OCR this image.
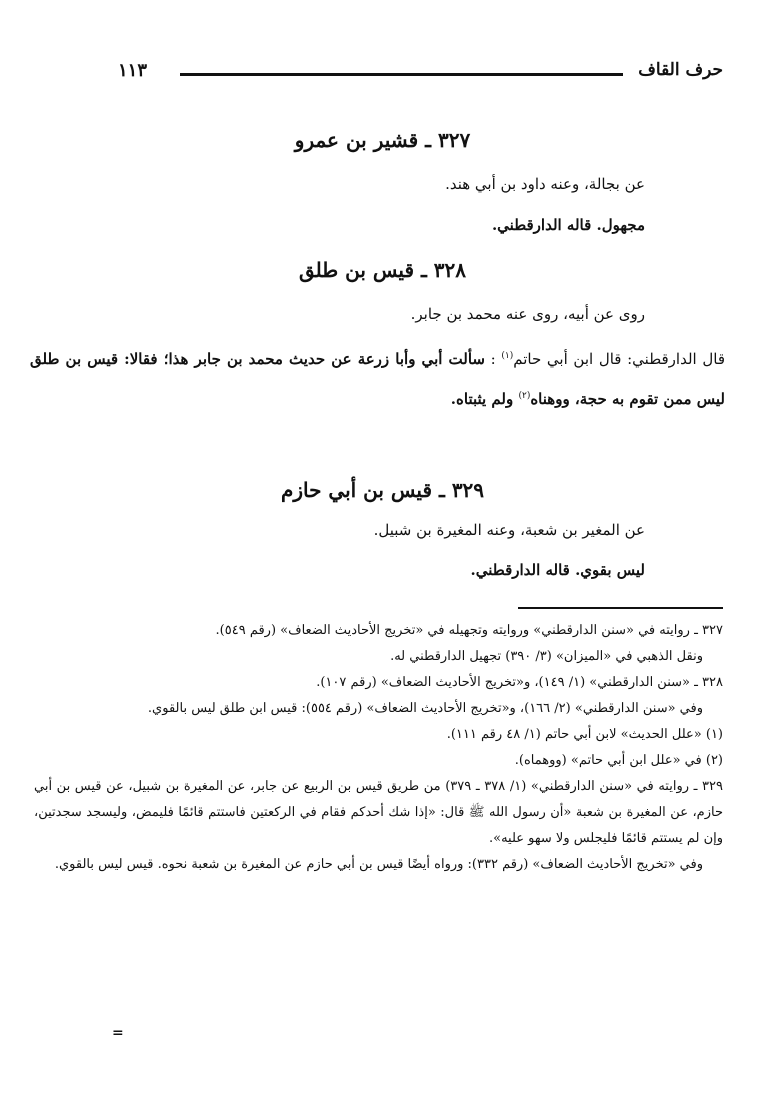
حرف القاف
١١٣
٣٢٧ ـ قشير بن عمرو
عن بجالة، وعنه داود بن أبي هند.
مجهول. قاله الدارقطني.
٣٢٨ ـ قيس بن طلق
روى عن أبيه، روى عنه محمد بن جابر.
قال الدارقطني: قال ابن أبي حاتم$^{(١)}$ : سألت أبي وأبا زرعة عن حديث محمد بن جابر هذا؛ فقالا: قيس بن طلق ليس ممن تقوم به حجة، ووهناه$^{(٢)}$ ولم يثبتاه.
٣٢٩ ـ قيس بن أبي حازم
عن المغير بن شعبة، وعنه المغيرة بن شبيل.
ليس بقوي. قاله الدارقطني.

٣٢٧ ـ روايته في «سنن الدارقطني» وروايته وتجهيله في «تخريج الأحاديث الضعاف» (رقم ٥٤٩).

ونقل الذهبي في «الميزان» (٣/ ٣٩٠) تجهيل الدارقطني له.

٣٢٨ ـ «سنن الدارقطني» (١/ ١٤٩)، و«تخريج الأحاديث الضعاف» (رقم ١٠٧).

وفي «سنن الدارقطني» (٢/ ١٦٦)، و«تخريج الأحاديث الضعاف» (رقم ٥٥٤): قيس ابن طلق ليس بالقوي.

(١) «علل الحديث» لابن أبي حاتم (١/ ٤٨ رقم ١١١).

(٢) في «علل ابن أبي حاتم» (ووهماه).

٣٢٩ ـ روايته في «سنن الدارقطني» (١/ ٣٧٨ ـ ٣٧٩) من طريق قيس بن الربيع عن جابر، عن المغيرة بن شبيل، عن قيس بن أبي حازم، عن المغيرة بن شعبة «أن رسول الله ﷺ قال: «إذا شك أحدكم فقام في الركعتين فاستتم قائمًا فليمض، وليسجد سجدتين، وإن لم يستتم قائمًا فليجلس ولا سهو عليه».

وفي «تخريج الأحاديث الضعاف» (رقم ٣٣٢): ورواه أيضًا قيس بن أبي حازم عن المغيرة بن شعبة نحوه. قيس ليس بالقوي.

=
